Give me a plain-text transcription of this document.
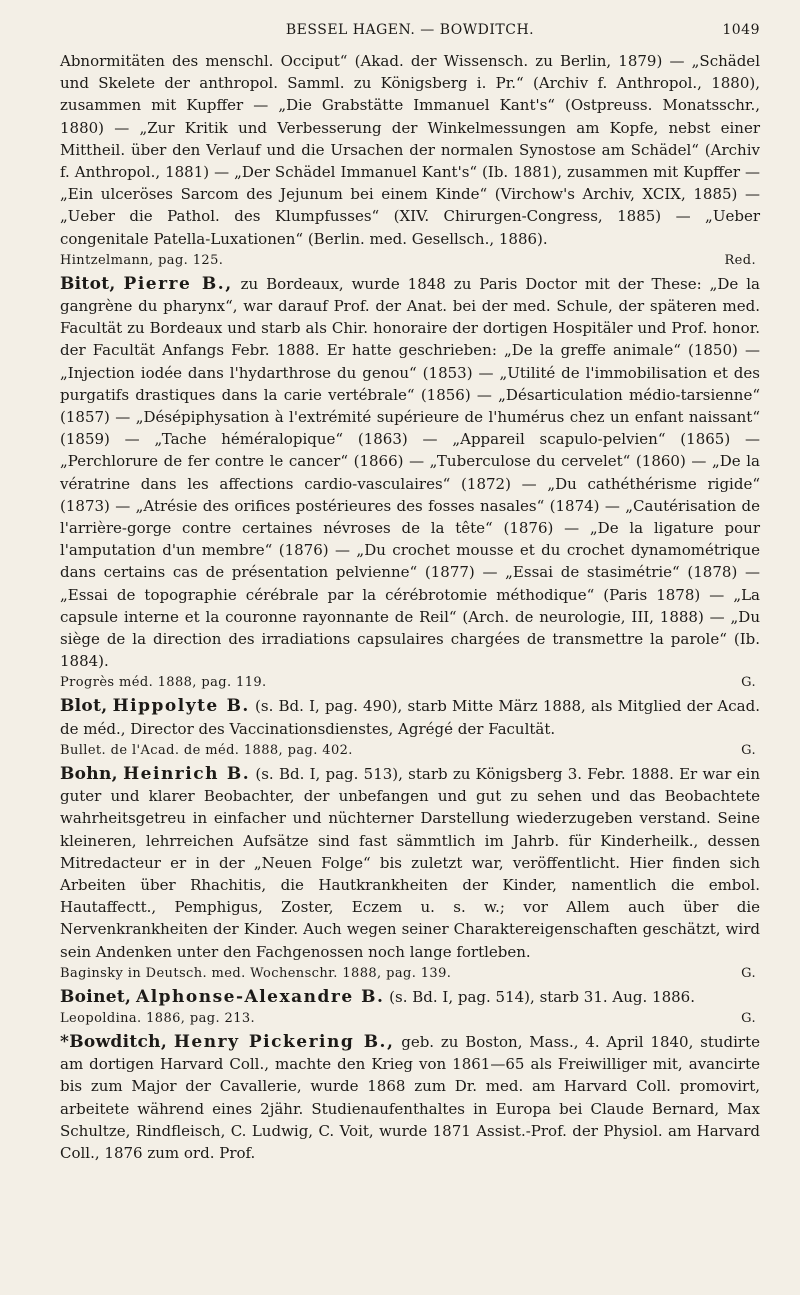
BESSEL HAGEN. — BOWDITCH.	1049

Abnormitäten des menschl. Occiput“ (Akad. der Wissensch. zu Berlin, 1879) — „Schädel und Skelete der anthropol. Samml. zu Königsberg i. Pr.“ (Archiv f. Anthropol., 1880), zusammen mit Kupffer — „Die Grabstätte Immanuel Kant's“ (Ostpreuss. Monatsschr., 1880) — „Zur Kritik und Verbesserung der Winkelmessungen am Kopfe, nebst einer Mittheil. über den Verlauf und die Ursachen der normalen Synostose am Schädel“ (Archiv f. Anthropol., 1881) — „Der Schädel Immanuel Kant's“ (Ib. 1881), zusammen mit Kupffer — „Ein ulceröses Sarcom des Jejunum bei einem Kinde“ (Virchow's Archiv, XCIX, 1885) — „Ueber die Pathol. des Klumpfusses“ (XIV. Chirurgen-Congress, 1885) — „Ueber congenitale Patella-Luxationen“ (Berlin. med. Gesellsch., 1886).

Hintzelmann, pag. 125.	Red.

Bitot, Pierre B., zu Bordeaux, wurde 1848 zu Paris Doctor mit der These: „De la gangrène du pharynx“, war darauf Prof. der Anat. bei der med. Schule, der späteren med. Facultät zu Bordeaux und starb als Chir. honoraire der dortigen Hospitäler und Prof. honor. der Facultät Anfangs Febr. 1888. Er hatte geschrieben: „De la greffe animale“ (1850) — „Injection iodée dans l'hydarthrose du genou“ (1853) — „Utilité de l'immobilisation et des purgatifs drastiques dans la carie vertébrale“ (1856) — „Désarticulation médio-tarsienne“ (1857) — „Désépiphysation à l'extrémité supérieure de l'humérus chez un enfant naissant“ (1859) — „Tache héméralopique“ (1863) — „Appareil scapulo-pelvien“ (1865) — „Perchlorure de fer contre le cancer“ (1866) — „Tuberculose du cervelet“ (1860) — „De la vératrine dans les affections cardio-vasculaires“ (1872) — „Du cathéthérisme rigide“ (1873) — „Atrésie des orifices postérieures des fosses nasales“ (1874) — „Cautérisation de l'arrière-gorge contre certaines névroses de la tête“ (1876) — „De la ligature pour l'amputation d'un membre“ (1876) — „Du crochet mousse et du crochet dynamométrique dans certains cas de présentation pelvienne“ (1877) — „Essai de stasimétrie“ (1878) — „Essai de topographie cérébrale par la cérébrotomie méthodique“ (Paris 1878) — „La capsule interne et la couronne rayonnante de Reil“ (Arch. de neurologie, III, 1888) — „Du siège de la direction des irradiations capsulaires chargées de transmettre la parole“ (Ib. 1884).

Progrès méd. 1888, pag. 119.	G.

Blot, Hippolyte B. (s. Bd. I, pag. 490), starb Mitte März 1888, als Mitglied der Acad. de méd., Director des Vaccinationsdienstes, Agrégé der Facultät.

Bullet. de l'Acad. de méd. 1888, pag. 402.	G.

Bohn, Heinrich B. (s. Bd. I, pag. 513), starb zu Königsberg 3. Febr. 1888. Er war ein guter und klarer Beobachter, der unbefangen und gut zu sehen und das Beobachtete wahrheitsgetreu in einfacher und nüchterner Darstellung wiederzugeben verstand. Seine kleineren, lehrreichen Aufsätze sind fast sämmtlich im Jahrb. für Kinderheilk., dessen Mitredacteur er in der „Neuen Folge“ bis zuletzt war, veröffentlicht. Hier finden sich Arbeiten über Rhachitis, die Hautkrankheiten der Kinder, namentlich die embol. Hautaffectt., Pemphigus, Zoster, Eczem u. s. w.; vor Allem auch über die Nervenkrankheiten der Kinder. Auch wegen seiner Charaktereigenschaften geschätzt, wird sein Andenken unter den Fachgenossen noch lange fortleben.

Baginsky in Deutsch. med. Wochenschr. 1888, pag. 139.	G.

Boinet, Alphonse-Alexandre B. (s. Bd. I, pag. 514), starb 31. Aug. 1886.

Leopoldina. 1886, pag. 213.	G.

*Bowditch, Henry Pickering B., geb. zu Boston, Mass., 4. April 1840, studirte am dortigen Harvard Coll., machte den Krieg von 1861—65 als Freiwilliger mit, avancirte bis zum Major der Cavallerie, wurde 1868 zum Dr. med. am Harvard Coll. promovirt, arbeitete während eines 2jähr. Studienaufenthaltes in Europa bei Claude Bernard, Max Schultze, Rindfleisch, C. Ludwig, C. Voit, wurde 1871 Assist.-Prof. der Physiol. am Harvard Coll., 1876 zum ord. Prof.
